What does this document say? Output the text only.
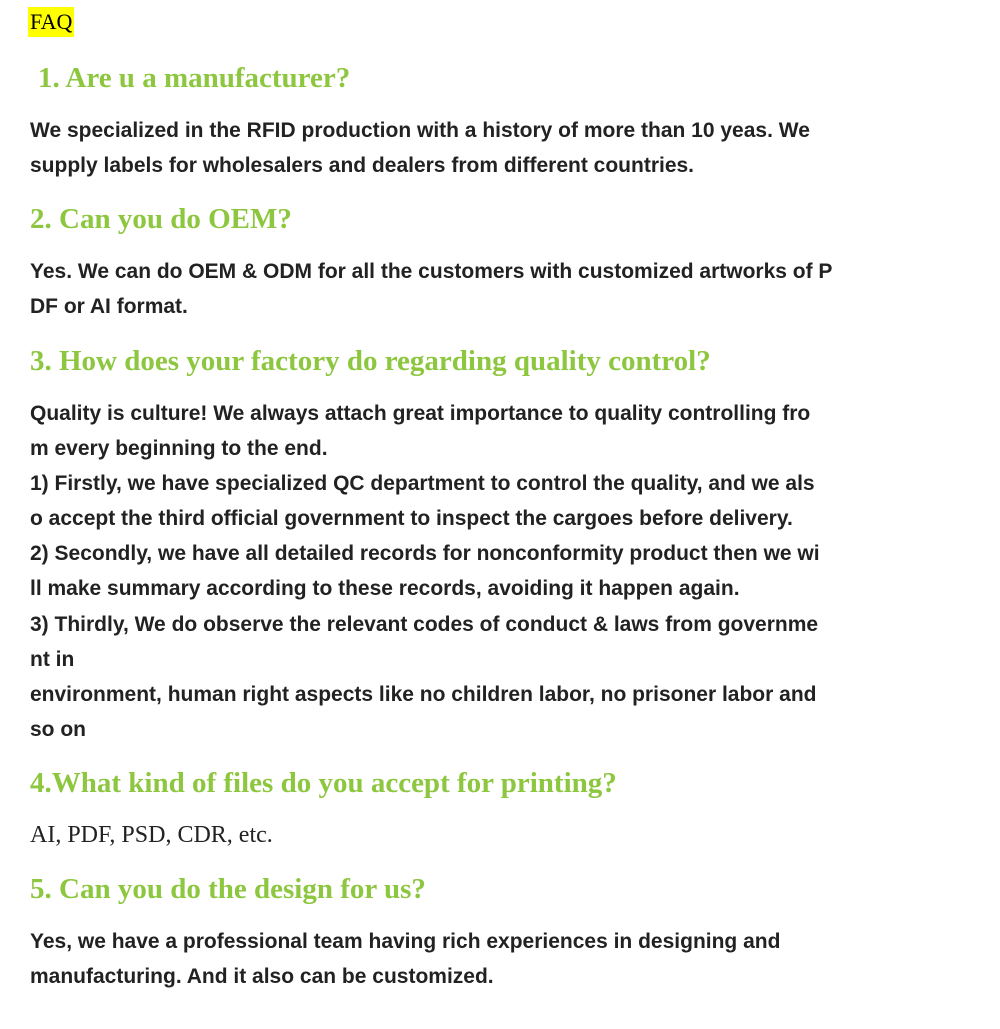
FAQ
1. Are u a manufacturer?
We specialized in the RFID production with a history of more than 10 yeas. We
supply labels for wholesalers and dealers from different countries.
2. Can you do OEM?
Yes. We can do OEM & ODM for all the customers with customized artworks of P
DF or AI format.
3. How does your factory do regarding quality control?
Quality is culture! We always attach great importance to quality controlling fro
m every beginning to the end.
1) Firstly, we have specialized QC department to control the quality, and we als
o accept the third official government to inspect the cargoes before delivery.
2) Secondly, we have all detailed records for nonconformity product then we wi
ll make summary according to these records, avoiding it happen again.
3) Thirdly, We do observe the relevant codes of conduct & laws from governme
nt in
environment, human right aspects like no children labor, no prisoner labor and
so on
4.What kind of files do you accept for printing?
AI, PDF, PSD, CDR, etc.
5. Can you do the design for us?
Yes, we have a professional team having rich experiences in designing and
manufacturing. And it also can be customized.
